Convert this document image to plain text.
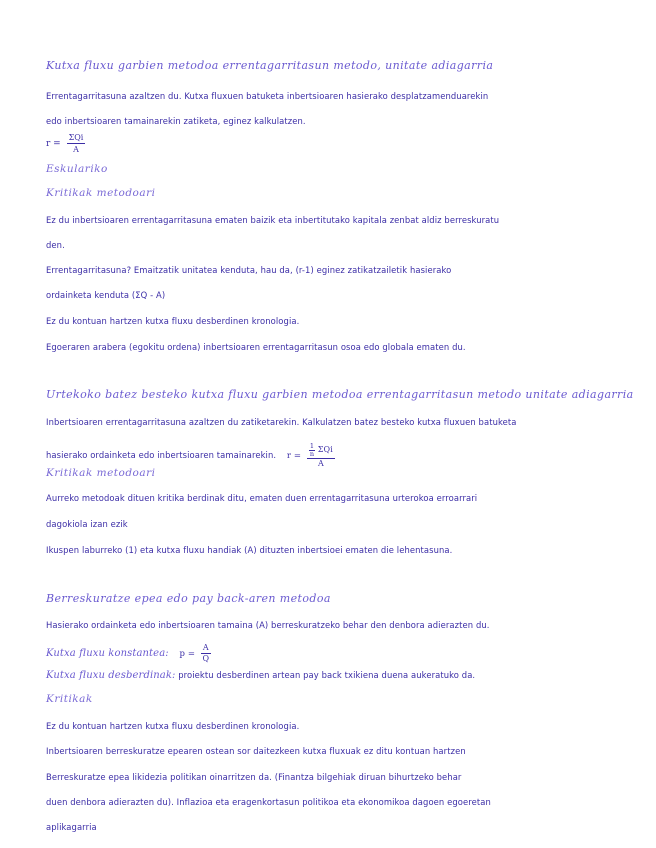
Kutxa fluxu garbien metodoa errentagarritasun metodo, unitate adiagarria
Errentagarritasuna azaltzen du. Kutxa fluxuen batuketa inbertsioaren hasierako desplatzamenduarekin
edo inbertsioaren tamainarekin zatiketa, eginez kalkulatzen.
$r = \frac{\text{ΣQi}}{A}$
Eskulariko
Kritikak metodoari
Ez du inbertsioaren errentagarritasuna ematen baizik eta inbertitutako kapitala zenbat aldiz berreskuratu
den.
Errentagarritasuna? Emaitzatik unitatea kenduta, hau da, (r-1) eginez zatikatzailetik hasierako
ordainketa kenduta (ΣQ - A)
Ez du kontuan hartzen kutxa fluxu desberdinen kronologia.
Egoeraren arabera (egokitu ordena) inbertsioaren errentagarritasun osoa edo globala ematen du.
Urtekoko batez besteko kutxa fluxu garbien metodoa errentagarritasun metodo unitate adiagarria
Inbertsioaren errentagarritasuna azaltzen du zatiketarekin. Kalkulatzen batez besteko kutxa fluxuen batuketa
hasierako ordainketa edo inbertsioaren tamainarekin. $r = \frac{\frac{1}{n} \Sigma Qi}{A}$
Kritikak metodoari
Aurreko metodoak dituen kritika berdinak ditu, ematen duen errentagarritasuna urterokoa erroarrari
dagokiola izan ezik
Ikuspen laburreko (1) eta kutxa fluxu handiak (A) dituzten inbertsioei ematen die lehentasuna.
Berreskuratze epea edo pay back-aren metodoa
Hasierako ordainketa edo inbertsioaren tamaina (A) berreskuratzeko behar den denbora adierazten du.
Kutxa fluxu konstantea: $p = \frac{A}{Q}$
Kutxa fluxu desberdinak: proiektu desberdinen artean pay back txikiena duena aukeratuko da.
Kritikak
Ez du kontuan hartzen kutxa fluxu desberdinen kronologia.
Inbertsioaren berreskuratze epearen ostean sor daitezkeen kutxa fluxuak ez ditu kontuan hartzen
Berreskuratze epea likidezia politikan oinarritzen da. (Finantza bilgehiak diruan bihurtzeko behar
duen denbora adierazten du). Inflazioa eta eragenkortasun politikoa eta ekonomikoa dagoen egoeretan
aplikagarria
